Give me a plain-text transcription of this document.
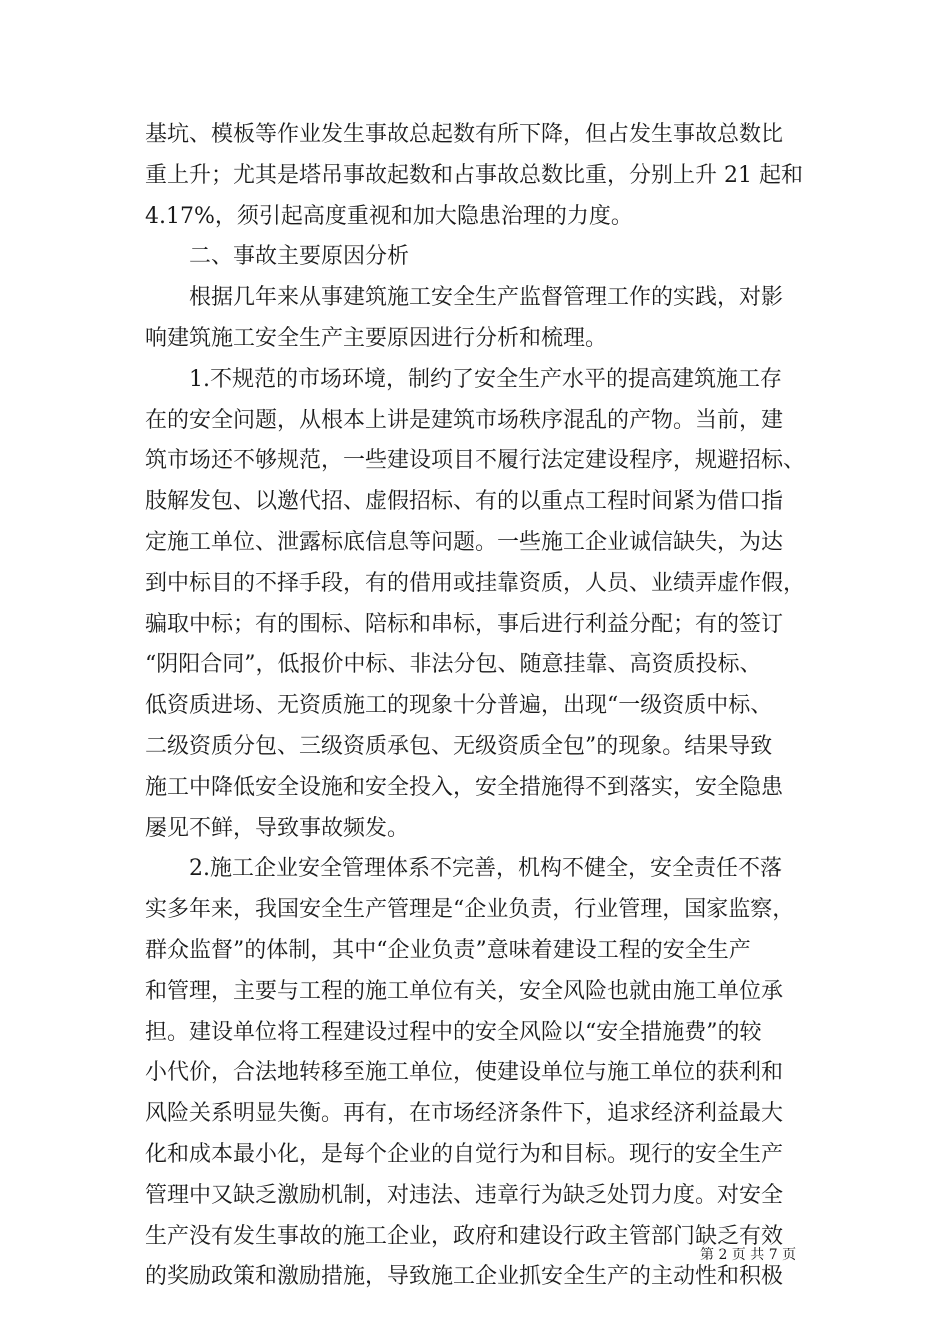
基坑、模板等作业发生事故总起数有所下降，但占发生事故总数比
重上升；尤其是塔吊事故起数和占事故总数比重，分别上升 21 起和
4.17%，须引起高度重视和加大隐患治理的力度。
　　二、事故主要原因分析
　　根据几年来从事建筑施工安全生产监督管理工作的实践，对影
响建筑施工安全生产主要原因进行分析和梳理。
　　1.不规范的市场环境，制约了安全生产水平的提高建筑施工存
在的安全问题，从根本上讲是建筑市场秩序混乱的产物。当前，建
筑市场还不够规范，一些建设项目不履行法定建设程序，规避招标、
肢解发包、以邀代招、虚假招标、有的以重点工程时间紧为借口指
定施工单位、泄露标底信息等问题。一些施工企业诚信缺失，为达
到中标目的不择手段，有的借用或挂靠资质，人员、业绩弄虚作假，
骗取中标；有的围标、陪标和串标，事后进行利益分配；有的签订
“阴阳合同”，低报价中标、非法分包、随意挂靠、高资质投标、
低资质进场、无资质施工的现象十分普遍，出现“一级资质中标、
二级资质分包、三级资质承包、无级资质全包”的现象。结果导致
施工中降低安全设施和安全投入，安全措施得不到落实，安全隐患
屡见不鲜，导致事故频发。
　　2.施工企业安全管理体系不完善，机构不健全，安全责任不落
实多年来，我国安全生产管理是“企业负责，行业管理，国家监察，
群众监督”的体制，其中“企业负责”意味着建设工程的安全生产
和管理，主要与工程的施工单位有关，安全风险也就由施工单位承
担。建设单位将工程建设过程中的安全风险以“安全措施费”的较
小代价，合法地转移至施工单位，使建设单位与施工单位的获利和
风险关系明显失衡。再有，在市场经济条件下，追求经济利益最大
化和成本最小化，是每个企业的自觉行为和目标。现行的安全生产
管理中又缺乏激励机制，对违法、违章行为缺乏处罚力度。对安全
生产没有发生事故的施工企业，政府和建设行政主管部门缺乏有效
的奖励政策和激励措施，导致施工企业抓安全生产的主动性和积极
第 2 页 共 7 页
